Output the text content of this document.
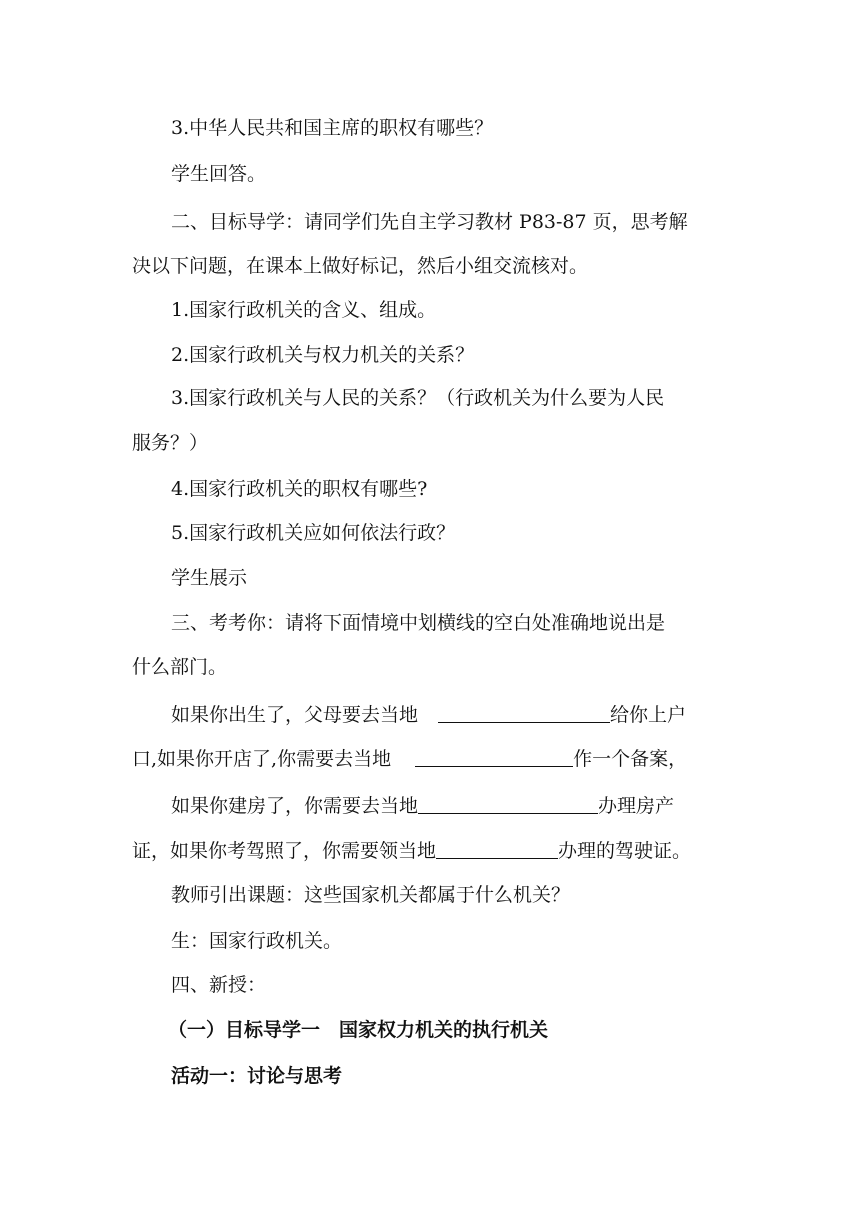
3.中华人民共和国主席的职权有哪些？
学生回答。
二、目标导学：请同学们先自主学习教材 P83-87 页，思考解
决以下问题，在课本上做好标记，然后小组交流核对。
1.国家行政机关的含义、组成。
2.国家行政机关与权力机关的关系？
3.国家行政机关与人民的关系？（行政机关为什么要为人民
服务？）
4.国家行政机关的职权有哪些?
5.国家行政机关应如何依法行政？
学生展示
三、考考你：请将下面情境中划横线的空白处准确地说出是
什么部门。
如果你出生了，父母要去当地	给你上户
口,如果你开店了,你需要去当地	作一个备案，
如果你建房了，你需要去当地	办理房产
证，如果你考驾照了，你需要领当地	办理的驾驶证。
教师引出课题：这些国家机关都属于什么机关？
生：国家行政机关。
四、新授：
（一）目标导学一　国家权力机关的执行机关
活动一：讨论与思考
